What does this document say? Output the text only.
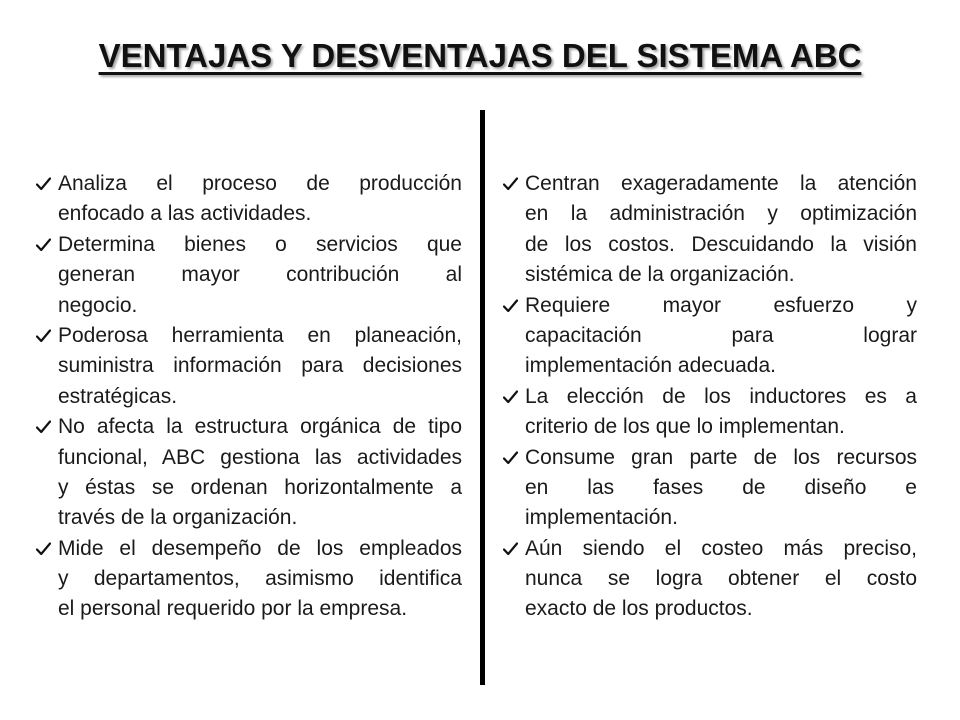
VENTAJAS Y DESVENTAJAS DEL SISTEMA ABC
Analiza el proceso de producción
enfocado a las actividades.
Determina bienes o servicios que
generan mayor contribución al
negocio.
Poderosa herramienta en planeación,
suministra información para decisiones
estratégicas.
No afecta la estructura orgánica de tipo
funcional, ABC gestiona las actividades
y éstas se ordenan horizontalmente a
través de la organización.
Mide el desempeño de los empleados
y departamentos, asimismo identifica
el personal requerido por la empresa.
Centran exageradamente la atención
en la administración y optimización
de los costos. Descuidando la visión
sistémica de la organización.
Requiere mayor esfuerzo y
capacitación para lograr
implementación adecuada.
La elección de los inductores es a
criterio de los que lo implementan.
Consume gran parte de los recursos
en las fases de diseño e
implementación.
Aún siendo el costeo más preciso,
nunca se logra obtener el costo
exacto de los productos.
